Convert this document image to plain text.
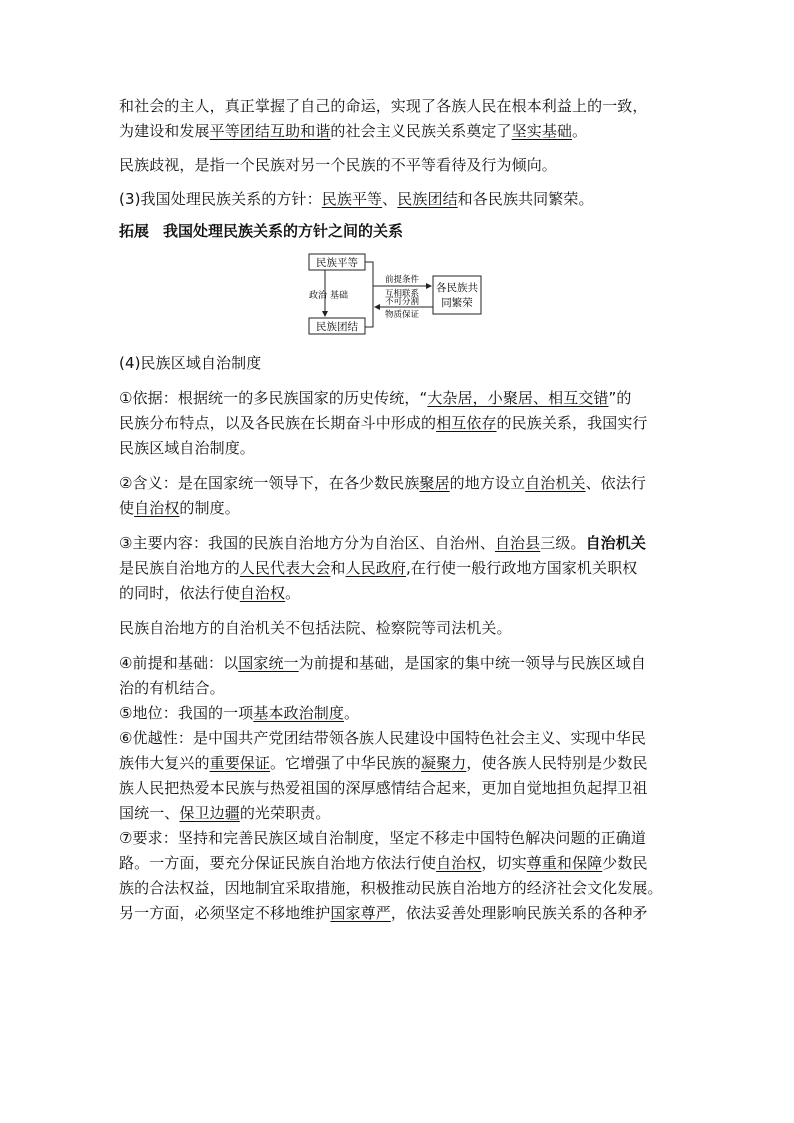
和社会的主人，真正掌握了自己的命运，实现了各族人民在根本利益上的一致，
为建设和发展平等团结互助和谐的社会主义民族关系奠定了坚实基础。

民族歧视，是指一个民族对另一个民族的不平等看待及行为倾向。

(3)我国处理民族关系的方针：民族平等、民族团结和各民族共同繁荣。

拓展 我国处理民族关系的方针之间的关系
民族平等
民族团结
各民族共
同繁荣
政治 基础
前提条件
互相联系
不可分割
物质保证

(4)民族区域自治制度

①依据：根据统一的多民族国家的历史传统，“大杂居，小聚居、相互交错”的
民族分布特点，以及各民族在长期奋斗中形成的相互依存的民族关系，我国实行
民族区域自治制度。

②含义：是在国家统一领导下，在各少数民族聚居的地方设立自治机关、依法行
使自治权的制度。

③主要内容：我国的民族自治地方分为自治区、自治州、自治县三级。自治机关
是民族自治地方的人民代表大会和人民政府,在行使一般行政地方国家机关职权
的同时，依法行使自治权。

民族自治地方的自治机关不包括法院、检察院等司法机关。

④前提和基础：以国家统一为前提和基础，是国家的集中统一领导与民族区域自
治的有机结合。

⑤地位：我国的一项基本政治制度。

⑥优越性：是中国共产党团结带领各族人民建设中国特色社会主义、实现中华民
族伟大复兴的重要保证。它增强了中华民族的凝聚力，使各族人民特别是少数民
族人民把热爱本民族与热爱祖国的深厚感情结合起来，更加自觉地担负起捍卫祖
国统一、保卫边疆的光荣职责。

⑦要求：坚持和完善民族区域自治制度，坚定不移走中国特色解决问题的正确道
路。一方面，要充分保证民族自治地方依法行使自治权，切实尊重和保障少数民
族的合法权益，因地制宜采取措施，积极推动民族自治地方的经济社会文化发展。
另一方面，必须坚定不移地维护国家尊严，依法妥善处理影响民族关系的各种矛
